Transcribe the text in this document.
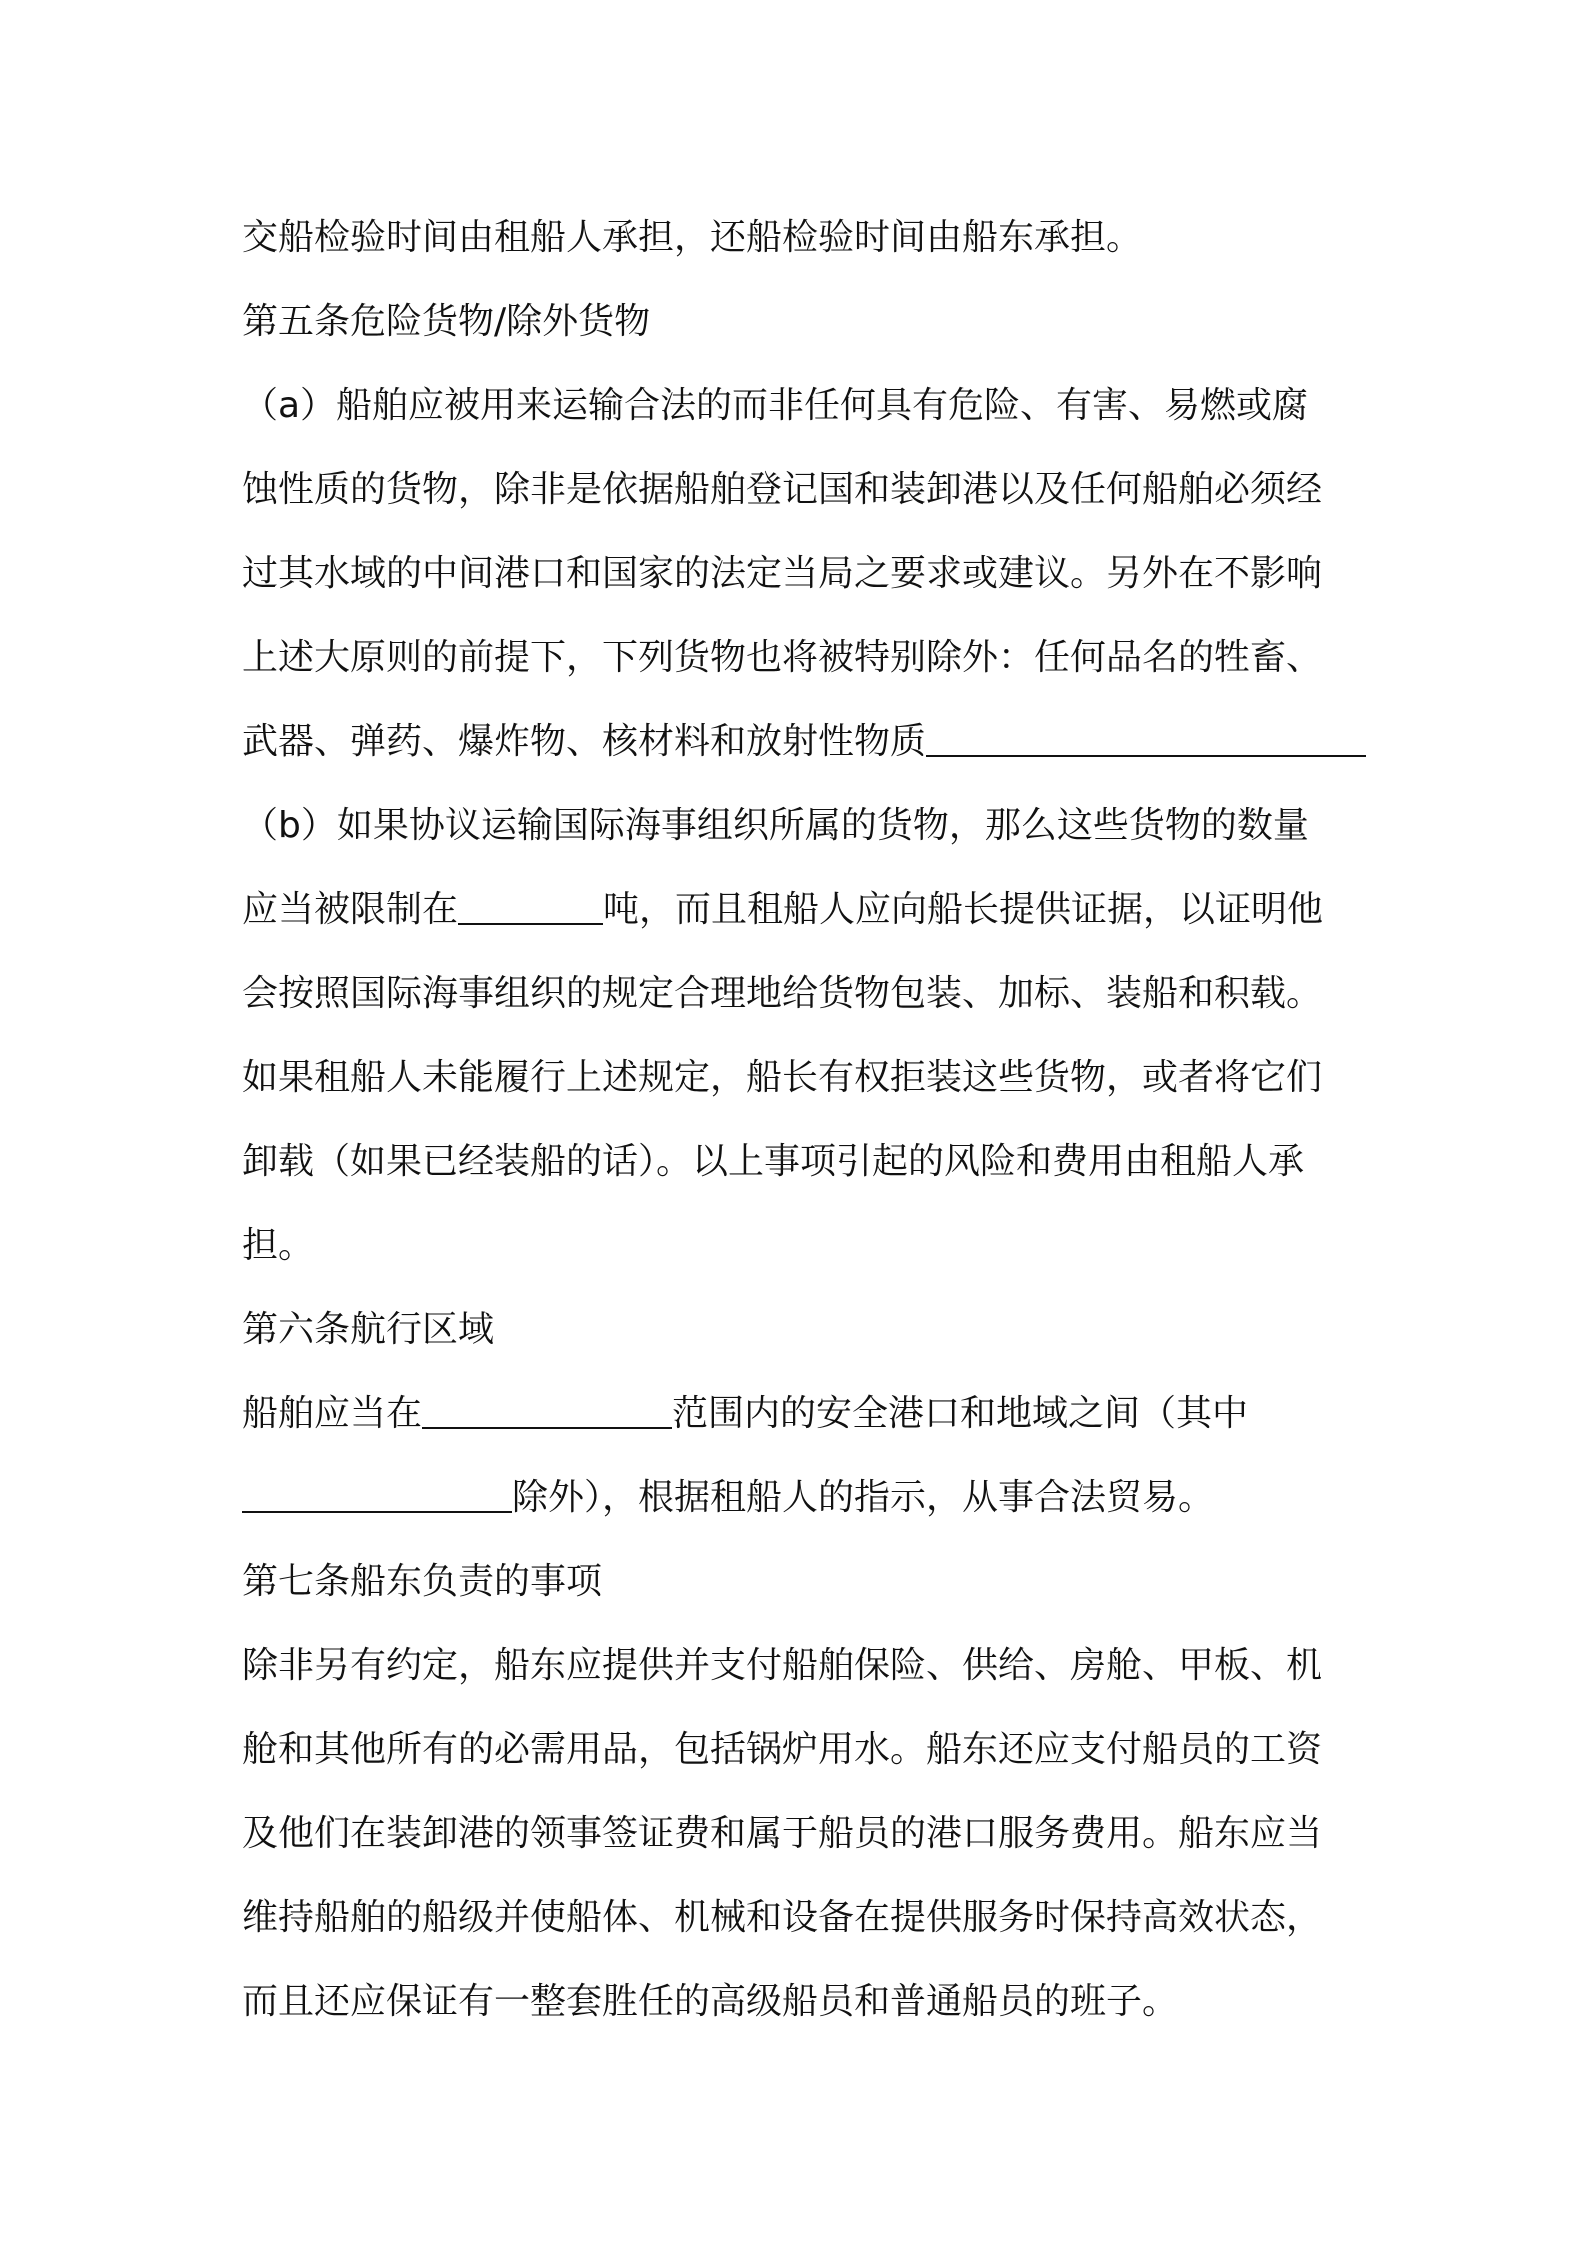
交船检验时间由租船人承担，还船检验时间由船东承担。
第五条危险货物/除外货物
（a）船舶应被用来运输合法的而非任何具有危险、有害、易燃或腐
蚀性质的货物，除非是依据船舶登记国和装卸港以及任何船舶必须经
过其水域的中间港口和国家的法定当局之要求或建议。另外在不影响
上述大原则的前提下，下列货物也将被特别除外：任何品名的牲畜、
武器、弹药、爆炸物、核材料和放射性物质
（b）如果协议运输国际海事组织所属的货物，那么这些货物的数量
应当被限制在	吨，而且租船人应向船长提供证据，以证明他
会按照国际海事组织的规定合理地给货物包装、加标、装船和积载。
如果租船人未能履行上述规定，船长有权拒装这些货物，或者将它们
卸载（如果已经装船的话）。以上事项引起的风险和费用由租船人承
担。
第六条航行区域
船舶应当在	范围内的安全港口和地域之间（其中
除外），根据租船人的指示，从事合法贸易。
第七条船东负责的事项
除非另有约定，船东应提供并支付船舶保险、供给、房舱、甲板、机
舱和其他所有的必需用品，包括锅炉用水。船东还应支付船员的工资
及他们在装卸港的领事签证费和属于船员的港口服务费用。船东应当
维持船舶的船级并使船体、机械和设备在提供服务时保持高效状态，
而且还应保证有一整套胜任的高级船员和普通船员的班子。
